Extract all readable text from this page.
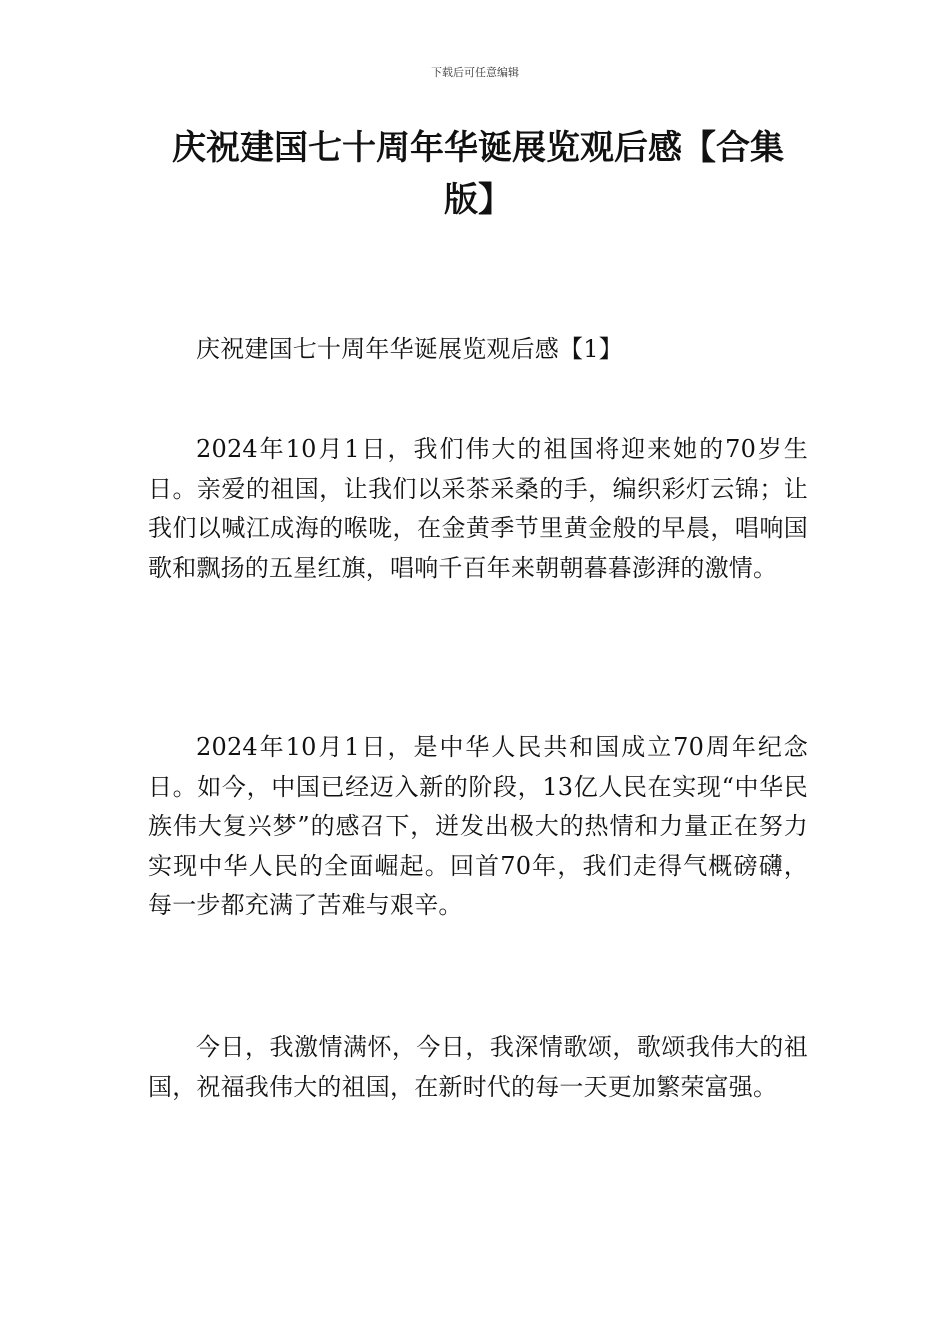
下载后可任意编辑
庆祝建国七十周年华诞展览观后感【合集版】

庆祝建国七十周年华诞展览观后感【1】

2024年10月1日，我们伟大的祖国将迎来她的70岁生日。亲爱的祖国，让我们以采茶采桑的手，编织彩灯云锦；让我们以喊江成海的喉咙，在金黄季节里黄金般的早晨，唱响国歌和飘扬的五星红旗，唱响千百年来朝朝暮暮澎湃的激情。

2024年10月1日，是中华人民共和国成立70周年纪念日。如今，中国已经迈入新的阶段，13亿人民在实现“中华民族伟大复兴梦”的感召下，迸发出极大的热情和力量正在努力实现中华人民的全面崛起。回首70年，我们走得气概磅礴，每一步都充满了苦难与艰辛。

今日，我激情满怀，今日，我深情歌颂，歌颂我伟大的祖国，祝福我伟大的祖国，在新时代的每一天更加繁荣富强。
